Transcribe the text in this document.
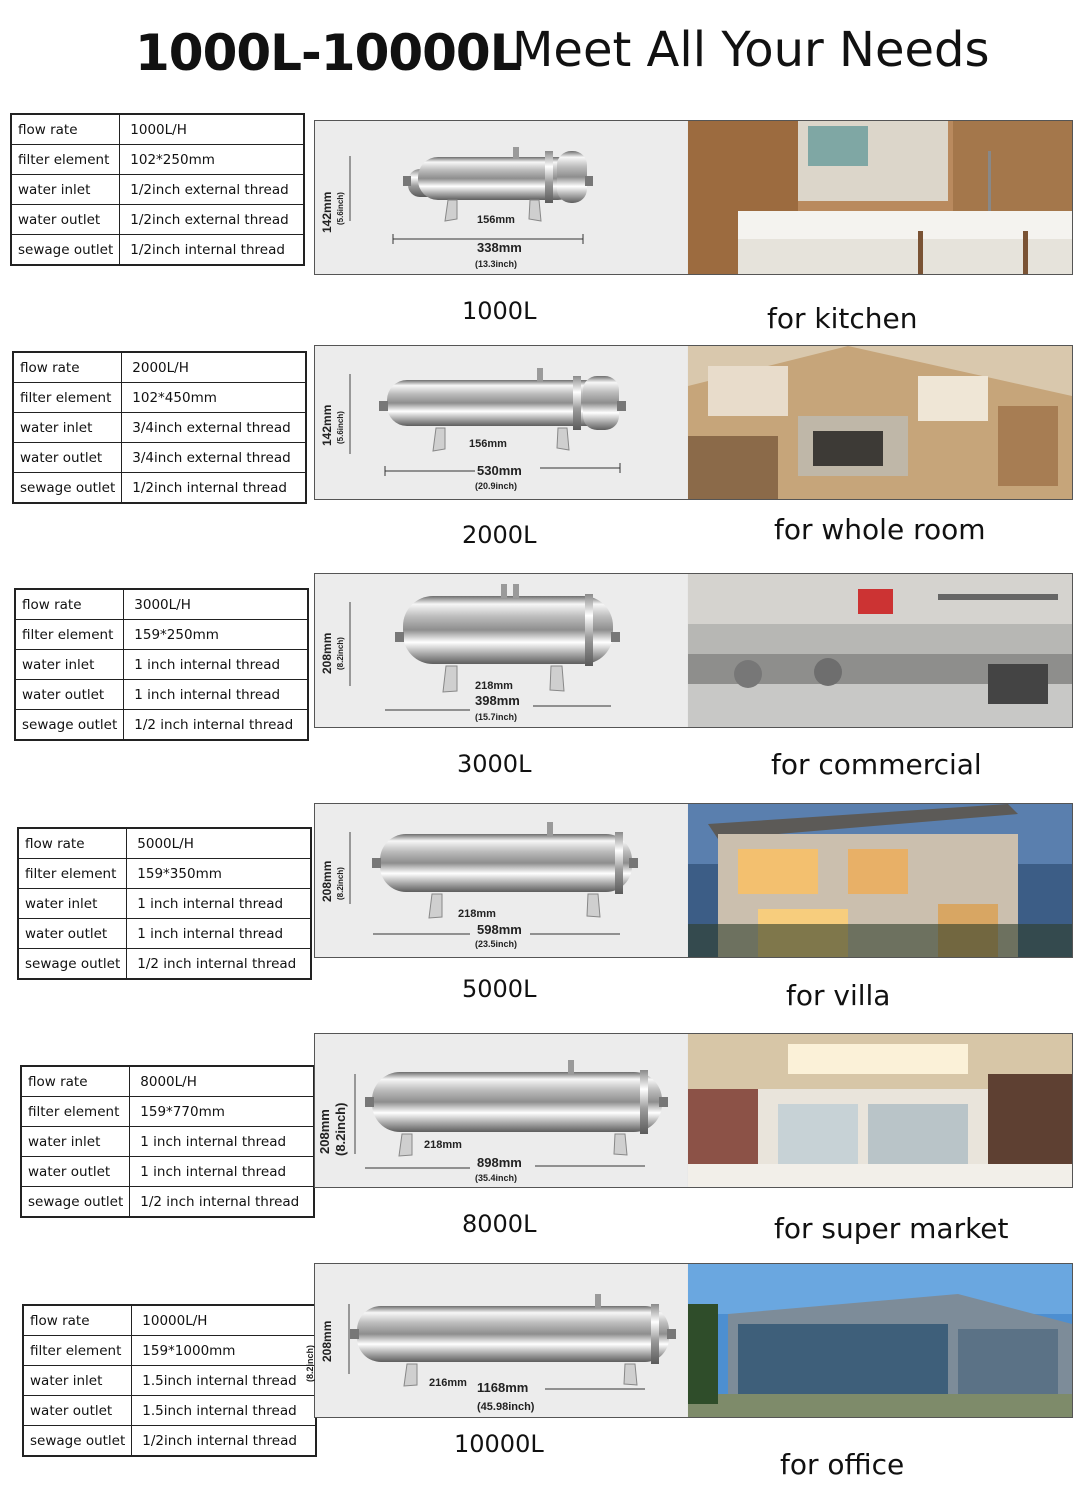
1000L-10000L
Meet All Your Needs
flow rate	1000L/H
filter element	102*250mm
water inlet	1/2inch external thread
water outlet	1/2inch external thread
sewage outlet	1/2inch internal thread
142mm (5.6inch)	156mm
338mm
(13.3inch)
1000L	for kitchen
flow rate	2000L/H
filter element	102*450mm
water inlet	3/4inch external thread
water outlet	3/4inch external thread
sewage outlet	1/2inch internal thread
142mm (5.6inch)	156mm
530mm
(20.9inch)
2000L	for whole room
flow rate	3000L/H
filter element	159*250mm
water inlet	1 inch internal thread
water outlet	1 inch internal thread
sewage outlet	1/2 inch internal thread
208mm (8.2inch)
218mm
398mm
(15.7inch)
3000L	for commercial
flow rate	5000L/H
filter element	159*350mm
water inlet	1 inch internal thread
water outlet	1 inch internal thread
sewage outlet	1/2 inch internal thread
208mm (8.2inch)
218mm
598mm
(23.5inch)
5000L	for villa
flow rate	8000L/H
filter element	159*770mm
water inlet	1 inch internal thread
water outlet	1 inch internal thread
sewage outlet	1/2 inch internal thread
208mm (8.2inch)	218mm
898mm
(35.4inch)
8000L	for super market
flow rate	10000L/H
filter element	159*1000mm
water inlet	1.5inch internal thread
water outlet	1.5inch internal thread
sewage outlet	1/2inch internal thread
208mm
(8.2inch)
216mm 1168mm
(45.98inch)
10000L
for office
